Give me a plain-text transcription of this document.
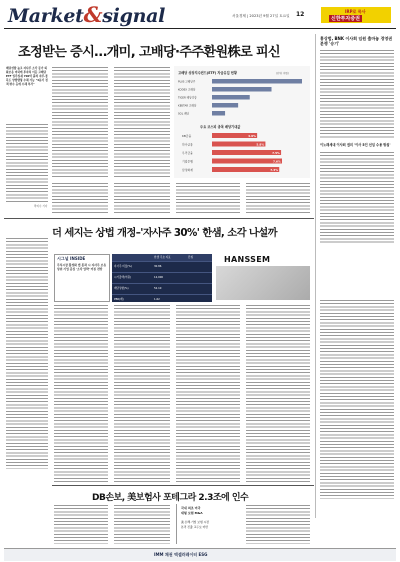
Market&signal	서울경제 | 2023년 9월 27일 토요일 12	IRP로 목사
신한투자증권
조정받는 증시…개미, 고배당·주주환원株로 피신
배당성향 높고 자사주 소각 증가 외화보유 여력에 투자처 이동 고배당ETF 일주일새 700억 몰려 자주·종목도 양방향형 수혜 가능 "4분기 정책 변수 등에 수혜 부각"
박지수 기자
고배당 상장지수펀드(ETF) 자금유입 현황	(단위: 억원)
PLUS 고배당주
KODEX 고배당
TIGER 배당성장
KBSTAR 고배당
SOL 배당
주요 코스피 종목 배당기대값
KB금융	4.9%
하나금융	5.8%
우리금융	7.5%
기업은행	7.6%
삼성화재	7.3%
홍상범, BNK 이사회 임원 출마놓 경영권 분쟁 '승기'
이노래세대 이사회 결의 '이사 5인 선임 수용 방침'
더 세지는 상법 개정–'자사주 30%' 한샘, 소각 나설까
시그널 INSIDE
주식시장 활성화 법 통과 시 자사주 보유 상위 기업 중심 '소각 압박' 커질 전망
한샘 주요 지표	단위
자사주 비율(%)	30.86
시가총액(억원)	12,000
배당성향(%)	52.10
PBR(배)	1.62
HANSSEM
DB손보, 美보험사 포테그라 2.3조에 인수
국내 최초 미국
대형 보험 M&A
美 손해·기업 보험 시장
본격 진출 교두보 마련
IMM 채권 액셀러레이터 ESG
